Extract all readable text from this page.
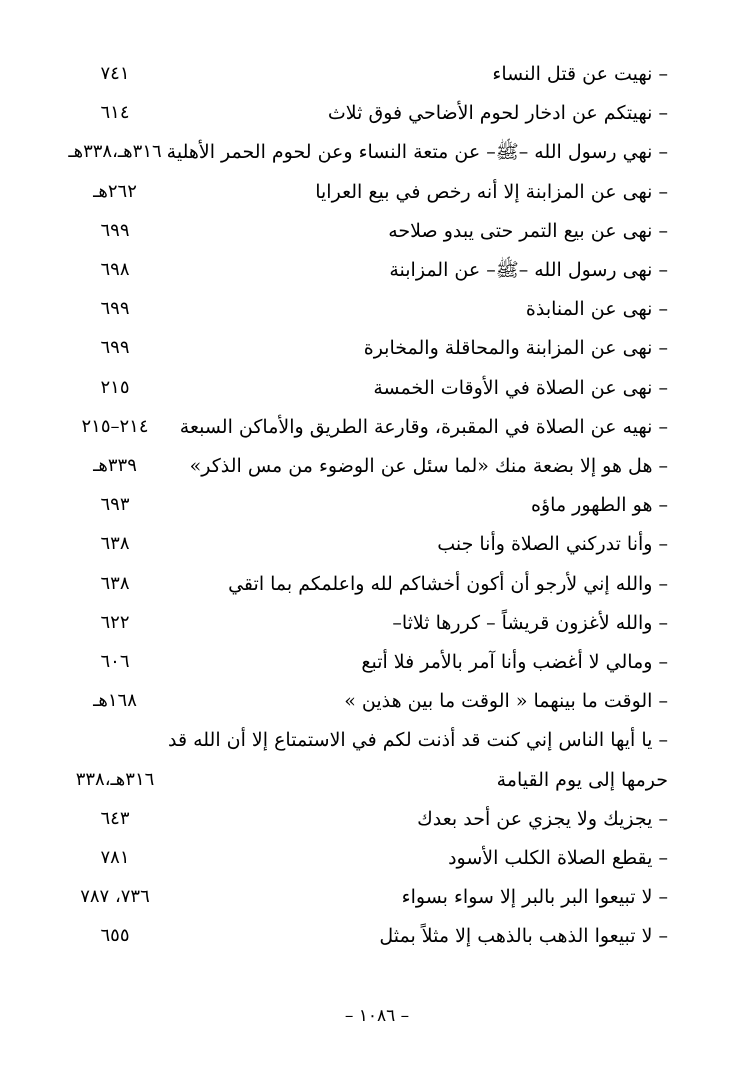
– نهيت عن قتل النساء
٧٤١
– نهيتكم عن ادخار لحوم الأضاحي فوق ثلاث
٦١٤
– نهي رسول الله –ﷺ– عن متعة النساء وعن لحوم الحمر الأهلية
٣١٦هـ،٣٣٨هـ
– نهى عن المزابنة إلا أنه رخص في بيع العرايا
٢٦٢هـ
– نهى عن بيع التمر حتى يبدو صلاحه
٦٩٩
– نهى رسول الله –ﷺ– عن المزابنة
٦٩٨
– نهى عن المنابذة
٦٩٩
– نهى عن المزابنة والمحاقلة والمخابرة
٦٩٩
– نهى عن الصلاة في الأوقات الخمسة
٢١٥
– نهيه عن الصلاة في المقبرة، وقارعة الطريق والأماكن السبعة
٢١٤–٢١٥
– هل هو إلا بضعة منك «لما سئل عن الوضوء من مس الذكر»
٣٣٩هـ
– هو الطهور ماؤه
٦٩٣
– وأنا تدركني الصلاة وأنا جنب
٦٣٨
– والله إني لأرجو أن أكون أخشاكم لله واعلمكم بما اتقي
٦٣٨
– والله لأغزون قريشاً – كررها ثلاثا–
٦٢٢
– ومالي لا أغضب وأنا آمر بالأمر فلا أتبع
٦٠٦
– الوقت ما بينهما « الوقت ما بين هذين »
١٦٨هـ
– يا أيها الناس إني كنت قد أذنت لكم في الاستمتاع إلا أن الله قد حرمها إلى يوم القيامة
٣١٦هـ،٣٣٨
– يجزيك ولا يجزي عن أحد بعدك
٦٤٣
– يقطع الصلاة الكلب الأسود
٧٨١
– لا تبيعوا البر بالبر إلا سواء بسواء
٧٣٦، ٧٨٧
– لا تبيعوا الذهب بالذهب إلا مثلاً بمثل
٦٥٥
– ١٠٨٦ –
